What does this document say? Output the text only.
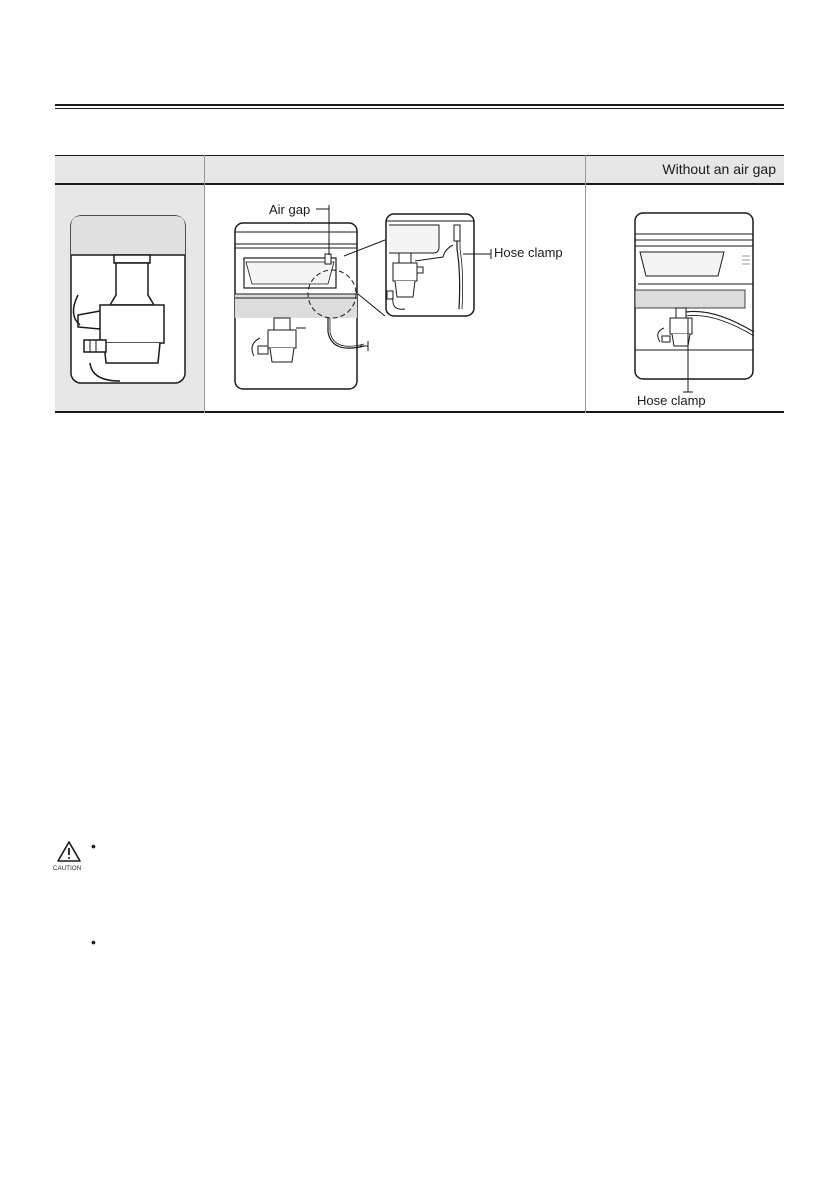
Without an air gap
Air gap
Hose clamp
Hose clamp
CAUTION
•
•
